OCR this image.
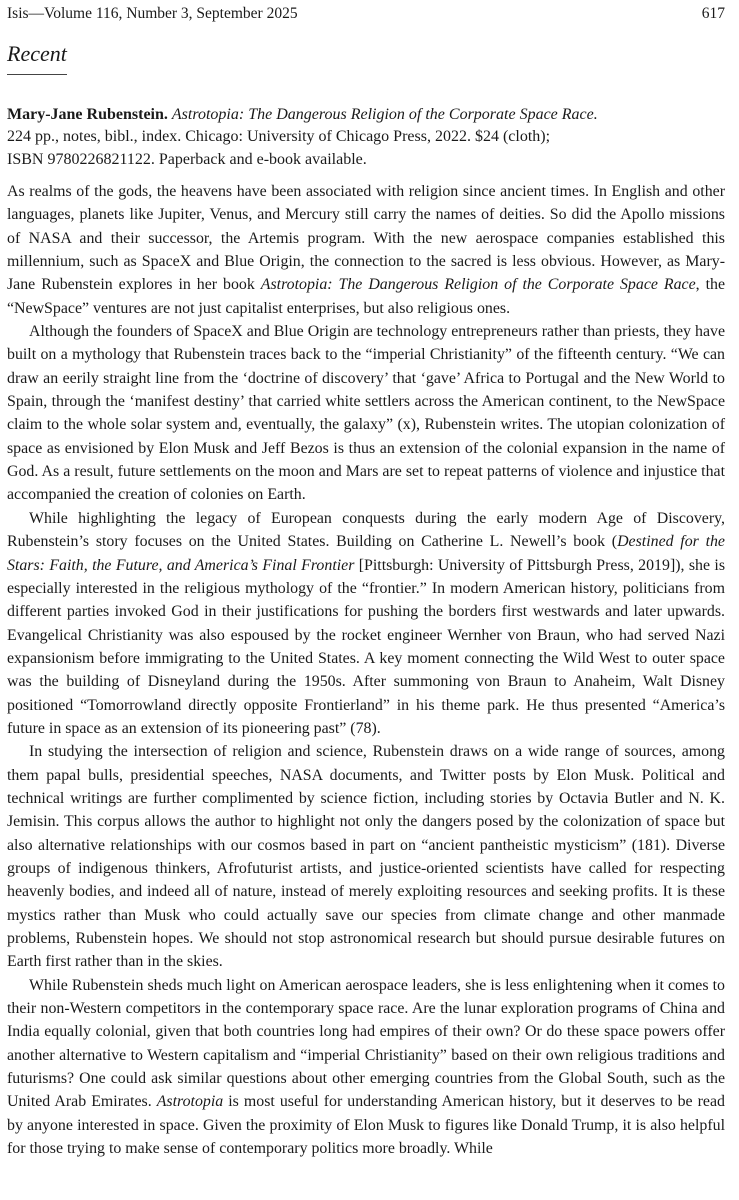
Isis—Volume 116, Number 3, September 2025	617
Recent
Mary-Jane Rubenstein. Astrotopia: The Dangerous Religion of the Corporate Space Race.
224 pp., notes, bibl., index. Chicago: University of Chicago Press, 2022. $24 (cloth);
ISBN 9780226821122. Paperback and e-book available.

As realms of the gods, the heavens have been associated with religion since ancient times. In English and other languages, planets like Jupiter, Venus, and Mercury still carry the names of deities. So did the Apollo missions of NASA and their successor, the Artemis program. With the new aerospace companies established this millennium, such as SpaceX and Blue Origin, the connection to the sacred is less obvious. However, as Mary-Jane Rubenstein explores in her book Astrotopia: The Dangerous Religion of the Corporate Space Race, the “NewSpace” ventures are not just capitalist enterprises, but also religious ones.

Although the founders of SpaceX and Blue Origin are technology entrepreneurs rather than priests, they have built on a mythology that Rubenstein traces back to the “imperial Christianity” of the fifteenth century. “We can draw an eerily straight line from the ‘doctrine of discovery’ that ‘gave’ Africa to Portugal and the New World to Spain, through the ‘manifest destiny’ that carried white settlers across the American continent, to the NewSpace claim to the whole solar system and, eventually, the galaxy” (x), Rubenstein writes. The utopian colonization of space as envisioned by Elon Musk and Jeff Bezos is thus an extension of the colonial expansion in the name of God. As a result, future settlements on the moon and Mars are set to repeat patterns of violence and injustice that accompanied the creation of colonies on Earth.

While highlighting the legacy of European conquests during the early modern Age of Discovery, Rubenstein’s story focuses on the United States. Building on Catherine L. Newell’s book (Destined for the Stars: Faith, the Future, and America’s Final Frontier [Pittsburgh: University of Pittsburgh Press, 2019]), she is especially interested in the religious mythology of the “frontier.” In modern American history, politicians from different parties invoked God in their justifications for pushing the borders first westwards and later upwards. Evangelical Christianity was also espoused by the rocket engineer Wernher von Braun, who had served Nazi expansionism before immigrating to the United States. A key moment connecting the Wild West to outer space was the building of Disneyland during the 1950s. After summoning von Braun to Anaheim, Walt Disney positioned “Tomorrowland directly opposite Frontierland” in his theme park. He thus presented “America’s future in space as an extension of its pioneering past” (78).

In studying the intersection of religion and science, Rubenstein draws on a wide range of sources, among them papal bulls, presidential speeches, NASA documents, and Twitter posts by Elon Musk. Political and technical writings are further complimented by science fiction, including stories by Octavia Butler and N. K. Jemisin. This corpus allows the author to highlight not only the dangers posed by the colonization of space but also alternative relationships with our cosmos based in part on “ancient pantheistic mysticism” (181). Diverse groups of indigenous thinkers, Afrofuturist artists, and justice-oriented scientists have called for respecting heavenly bodies, and indeed all of nature, instead of merely exploiting resources and seeking profits. It is these mystics rather than Musk who could actually save our species from climate change and other manmade problems, Rubenstein hopes. We should not stop astronomical research but should pursue desirable futures on Earth first rather than in the skies.

While Rubenstein sheds much light on American aerospace leaders, she is less enlightening when it comes to their non-Western competitors in the contemporary space race. Are the lunar exploration programs of China and India equally colonial, given that both countries long had empires of their own? Or do these space powers offer another alternative to Western capitalism and “imperial Christianity” based on their own religious traditions and futurisms? One could ask similar questions about other emerging countries from the Global South, such as the United Arab Emirates. Astrotopia is most useful for understanding American history, but it deserves to be read by anyone interested in space. Given the proximity of Elon Musk to figures like Donald Trump, it is also helpful for those trying to make sense of contemporary politics more broadly. While
